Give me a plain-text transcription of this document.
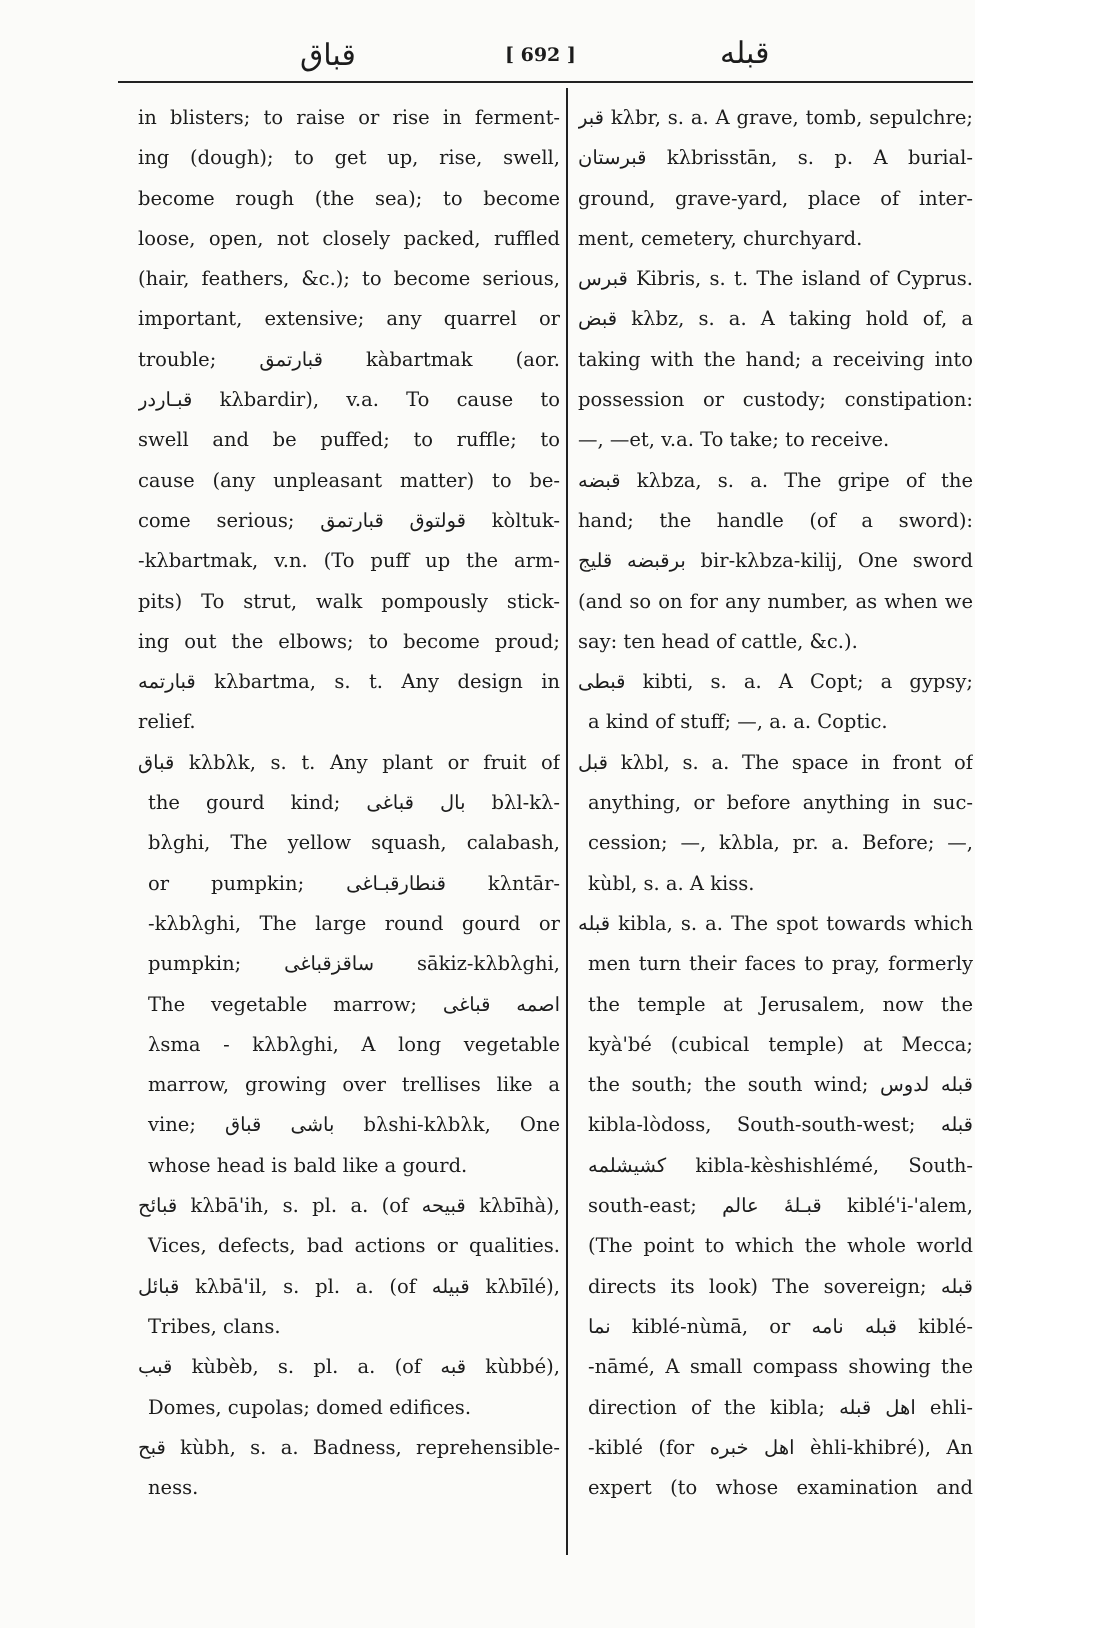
قباق	[ 692 ]	قبله
in blisters; to raise or rise in ferment-
ing (dough); to get up, rise, swell,
become rough (the sea); to become
loose, open, not closely packed, ruffled
(hair, feathers, &c.); to become serious,
important, extensive; any quarrel or
trouble; قبارتمق kàbartmak (aor.
قبـاردر kλbardir), v.a. To cause to
swell and be puffed; to ruffle; to
cause (any unpleasant matter) to be-
come serious; قولتوق قبارتمق kòltuk-
-kλbartmak, v.n. (To puff up the arm-
pits) To strut, walk pompously stick-
ing out the elbows; to become proud;
قبارتمه kλbartma, s. t. Any design in
relief.
قباق kλbλk, s. t. Any plant or fruit of
the gourd kind; بال قباغی bλl-kλ-
bλghi, The yellow squash, calabash,
or pumpkin; قنطارقبـاغی kλntār-
-kλbλghi, The large round gourd or
pumpkin; ساقزقباغی sākiz-kλbλghi,
The vegetable marrow; اصمه قباغی
λsma - kλbλghi, A long vegetable
marrow, growing over trellises like a
vine; باشی قباق bλshi-kλbλk, One
whose head is bald like a gourd.
قبائح kλbā'ih, s. pl. a. (of قبيحه kλbīhà),
Vices, defects, bad actions or qualities.
قبائل kλbā'il, s. pl. a. (of قبيله kλbīlé),
Tribes, clans.
قبب kùbèb, s. pl. a. (of قبه kùbbé),
Domes, cupolas; domed edifices.
قبح kùbh, s. a. Badness, reprehensible-
ness.
قبر kλbr, s. a. A grave, tomb, sepulchre;
قبرستان kλbrisstān, s. p. A burial-
ground, grave-yard, place of inter-
ment, cemetery, churchyard.
قبرس Kibris, s. t. The island of Cyprus.
قبض kλbz, s. a. A taking hold of, a
taking with the hand; a receiving into
possession or custody; constipation:
—, —et, v.a. To take; to receive.
قبضه kλbza, s. a. The gripe of the
hand; the handle (of a sword):
برقبضه قلیج bir-kλbza-kilij, One sword
(and so on for any number, as when we
say: ten head of cattle, &c.).
قبطی kibti, s. a. A Copt; a gypsy;
a kind of stuff; —, a. a. Coptic.
قبل kλbl, s. a. The space in front of
anything, or before anything in suc-
cession; —, kλbla, pr. a. Before; —,
kùbl, s. a. A kiss.
قبله kibla, s. a. The spot towards which
men turn their faces to pray, formerly
the temple at Jerusalem, now the
kyà'bé (cubical temple) at Mecca;
the south; the south wind; قبله لدوس
kibla-lòdoss, South-south-west; قبله
كشیشلمه kibla-kèshishlémé, South-
south-east; قبـلهٔ عالم kiblé'i-'alem,
(The point to which the whole world
directs its look) The sovereign; قبله
نما kiblé-nùmā, or قبله نامه kiblé-
-nāmé, A small compass showing the
direction of the kibla; اهل قبله ehli-
-kiblé (for اهل خبره èhli-khibré), An
expert (to whose examination and
